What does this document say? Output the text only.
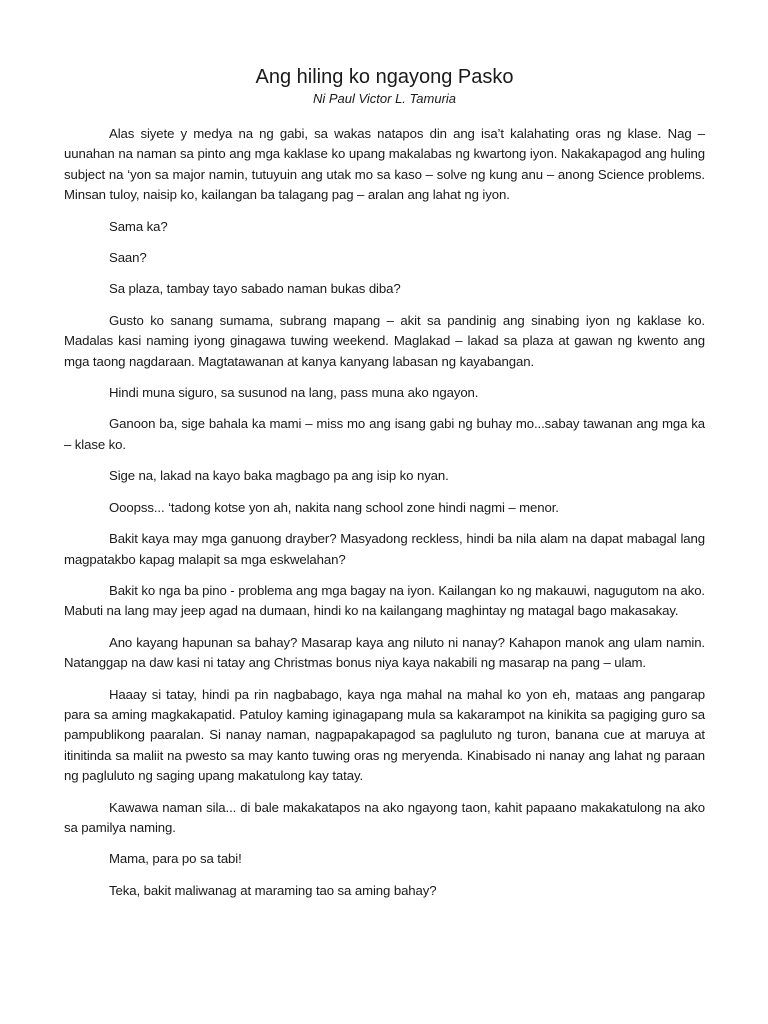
Ang hiling ko ngayong Pasko
Ni Paul Victor L. Tamuria

Alas siyete y medya na ng gabi, sa wakas natapos din ang isa’t kalahating oras ng klase. Nag – uunahan na naman sa pinto ang mga kaklase ko upang makalabas ng kwartong iyon. Nakakapagod ang huling subject na ‘yon sa major namin, tutuyuin ang utak mo sa kaso – solve ng kung anu – anong Science problems. Minsan tuloy, naisip ko, kailangan ba talagang pag – aralan ang lahat ng iyon.

Sama ka?

Saan?

Sa plaza, tambay tayo sabado naman bukas diba?

Gusto ko sanang sumama, subrang mapang – akit sa pandinig ang sinabing iyon ng kaklase ko. Madalas kasi naming iyong ginagawa tuwing weekend. Maglakad – lakad sa plaza at gawan ng kwento ang mga taong nagdaraan. Magtatawanan at kanya kanyang labasan ng kayabangan.

Hindi muna siguro, sa susunod na lang, pass muna ako ngayon.

Ganoon ba, sige bahala ka mami – miss mo ang isang gabi ng buhay mo...sabay tawanan ang mga ka – klase ko.

Sige na, lakad na kayo baka magbago pa ang isip ko nyan.

Ooopss... ‘tadong kotse yon ah, nakita nang school zone hindi nagmi – menor.

Bakit kaya may mga ganuong drayber? Masyadong reckless, hindi ba nila alam na dapat mabagal lang magpatakbo kapag malapit sa mga eskwelahan?

Bakit ko nga ba pino - problema ang mga bagay na iyon. Kailangan ko ng makauwi, nagugutom na ako. Mabuti na lang may jeep agad na dumaan, hindi ko na kailangang maghintay ng matagal bago makasakay.

Ano kayang hapunan sa bahay? Masarap kaya ang niluto ni nanay? Kahapon manok ang ulam namin. Natanggap na daw kasi ni tatay ang Christmas bonus niya kaya nakabili ng masarap na pang – ulam.

Haaay si tatay, hindi pa rin nagbabago, kaya nga mahal na mahal ko yon eh, mataas ang pangarap para sa aming magkakapatid. Patuloy kaming iginagapang mula sa kakarampot na kinikita sa pagiging guro sa pampublikong paaralan. Si nanay naman, nagpapakapagod sa pagluluto ng turon, banana cue at maruya at itinitinda sa maliit na pwesto sa may kanto tuwing oras ng meryenda. Kinabisado ni nanay ang lahat ng paraan ng pagluluto ng saging upang makatulong kay tatay.

Kawawa naman sila... di bale makakatapos na ako ngayong taon, kahit papaano makakatulong na ako sa pamilya naming.

Mama, para po sa tabi!

Teka, bakit maliwanag at maraming tao sa aming bahay?
